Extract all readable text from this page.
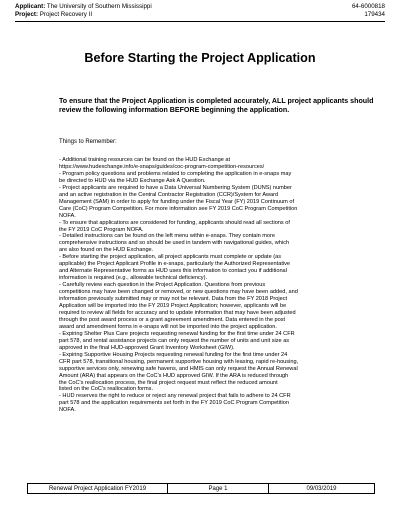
Applicant: The University of Southern Mississippi	64-6000818
Project: Project Recovery II	179434
Before Starting the Project Application
To ensure that the Project Application is completed accurately, ALL project applicants should review the following information BEFORE beginning the application.
Things to Remember:

- Additional training resources can be found on the HUD Exchange at

https://www.hudexchange.info/e-snaps/guides/coc-program-competition-resources/

- Program policy questions and problems related to completing the application in e-snaps may

be directed to HUD via the HUD Exchange Ask A Question.

- Project applicants are required to have a Data Universal Numbering System (DUNS) number

and an active registration in the Central Contractor Registration (CCR)/System for Award

Management (SAM) in order to apply for funding under the Fiscal Year (FY) 2019 Continuum of

Care (CoC) Program Competition. For more information see FY 2019 CoC Program Competition

NOFA.

- To ensure that applications are considered for funding, applicants should read all sections of

the FY 2019 CoC Program NOFA.

- Detailed instructions can be found on the left menu within e-snaps. They contain more

comprehensive instructions and so should be used in tandem with navigational guides, which

are also found on the HUD Exchange.

- Before starting the project application, all project applicants must complete or update (as

applicable) the Project Applicant Profile in e-snaps, particularly the Authorized Representative

and Alternate Representative forms as HUD uses this information to contact you if additional

information is required (e.g., allowable technical deficiency).

- Carefully review each question in the Project Application. Questions from previous

competitions may have been changed or removed, or new questions may have been added, and

information previously submitted may or may not be relevant. Data from the FY 2018 Project

Application will be imported into the FY 2019 Project Application; however, applicants will be

required to review all fields for accuracy and to update information that may have been adjusted

through the post award process or a grant agreement amendment. Data entered in the post

award and amendment forms in e-snaps will not be imported into the project application.

- Expiring Shelter Plus Care projects requesting renewal funding for the first time under 24 CFR

part 578, and rental assistance projects can only request the number of units and unit size as

approved in the final HUD-approved Grant Inventory Worksheet (GIW).

- Expiring Supportive Housing Projects requesting renewal funding for the first time under 24

CFR part 578, transitional housing, permanent supportive housing with leasing, rapid re-housing,

supportive services only, renewing safe havens, and HMIS can only request the Annual Renewal

Amount (ARA) that appears on the CoC's HUD approved GIW. If the ARA is reduced through

the CoC's reallocation process, the final project request must reflect the reduced amount

listed on the CoC's reallocation forms.

- HUD reserves the right to reduce or reject any renewal project that fails to adhere to 24 CFR

part 578 and the application requirements set forth in the FY 2019 CoC Program Competition

NOFA.

Renewal Project Application FY2019	Page 1	09/03/2019
